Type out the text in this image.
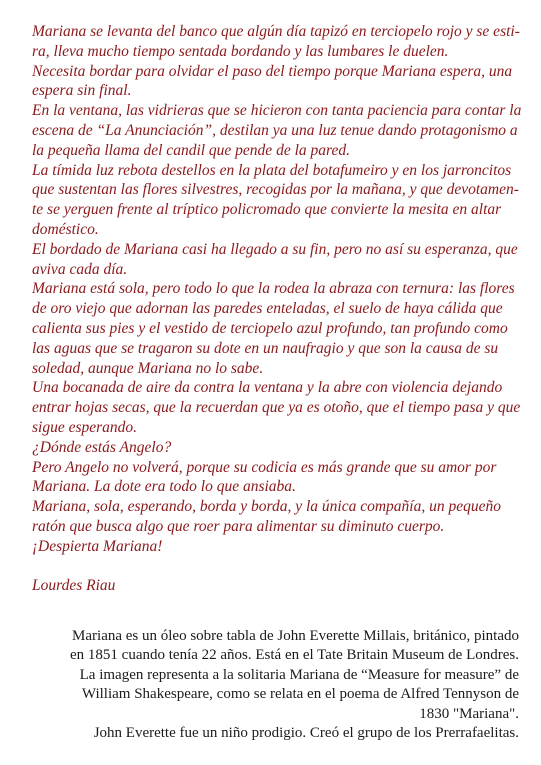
Mariana se levanta del banco que algún día tapizó en terciopelo rojo y se esti-
ra, lleva mucho tiempo sentada bordando y las lumbares le duelen.
Necesita bordar para olvidar el paso del tiempo porque Mariana espera, una
espera sin final.
En la ventana, las vidrieras que se hicieron con tanta paciencia para contar la
escena de “La Anunciación”, destilan ya una luz tenue dando protagonismo a
la pequeña llama del candil que pende de la pared.
La tímida luz rebota destellos en la plata del botafumeiro y en los jarroncitos
que sustentan las flores silvestres, recogidas por la mañana, y que devotamen-
te se yerguen frente al tríptico policromado que convierte la mesita en altar
doméstico.
El bordado de Mariana casi ha llegado a su fin, pero no así su esperanza, que
aviva cada día.
Mariana está sola, pero todo lo que la rodea la abraza con ternura: las flores
de oro viejo que adornan las paredes enteladas, el suelo de haya cálida que
calienta sus pies y el vestido de terciopelo azul profundo, tan profundo como
las aguas que se tragaron su dote en un naufragio y que son la causa de su
soledad, aunque Mariana no lo sabe.
Una bocanada de aire da contra la ventana y la abre con violencia dejando
entrar hojas secas, que la recuerdan que ya es otoño, que el tiempo pasa y que
sigue esperando.
¿Dónde estás Angelo?
Pero Angelo no volverá, porque su codicia es más grande que su amor por
Mariana. La dote era todo lo que ansiaba.
Mariana, sola, esperando, borda y borda, y la única compañía, un pequeño
ratón que busca algo que roer para alimentar su diminuto cuerpo.
¡Despierta Mariana!
Lourdes Riau
Mariana es un óleo sobre tabla de John Everette Millais, británico, pintado
en 1851 cuando tenía 22 años. Está en el Tate Britain Museum de Londres.
La imagen representa a la solitaria Mariana de “Measure for measure” de
William Shakespeare, como se relata en el poema de Alfred Tennyson de
1830 "Mariana".
John Everette fue un niño prodigio. Creó el grupo de los Prerrafaelitas.
